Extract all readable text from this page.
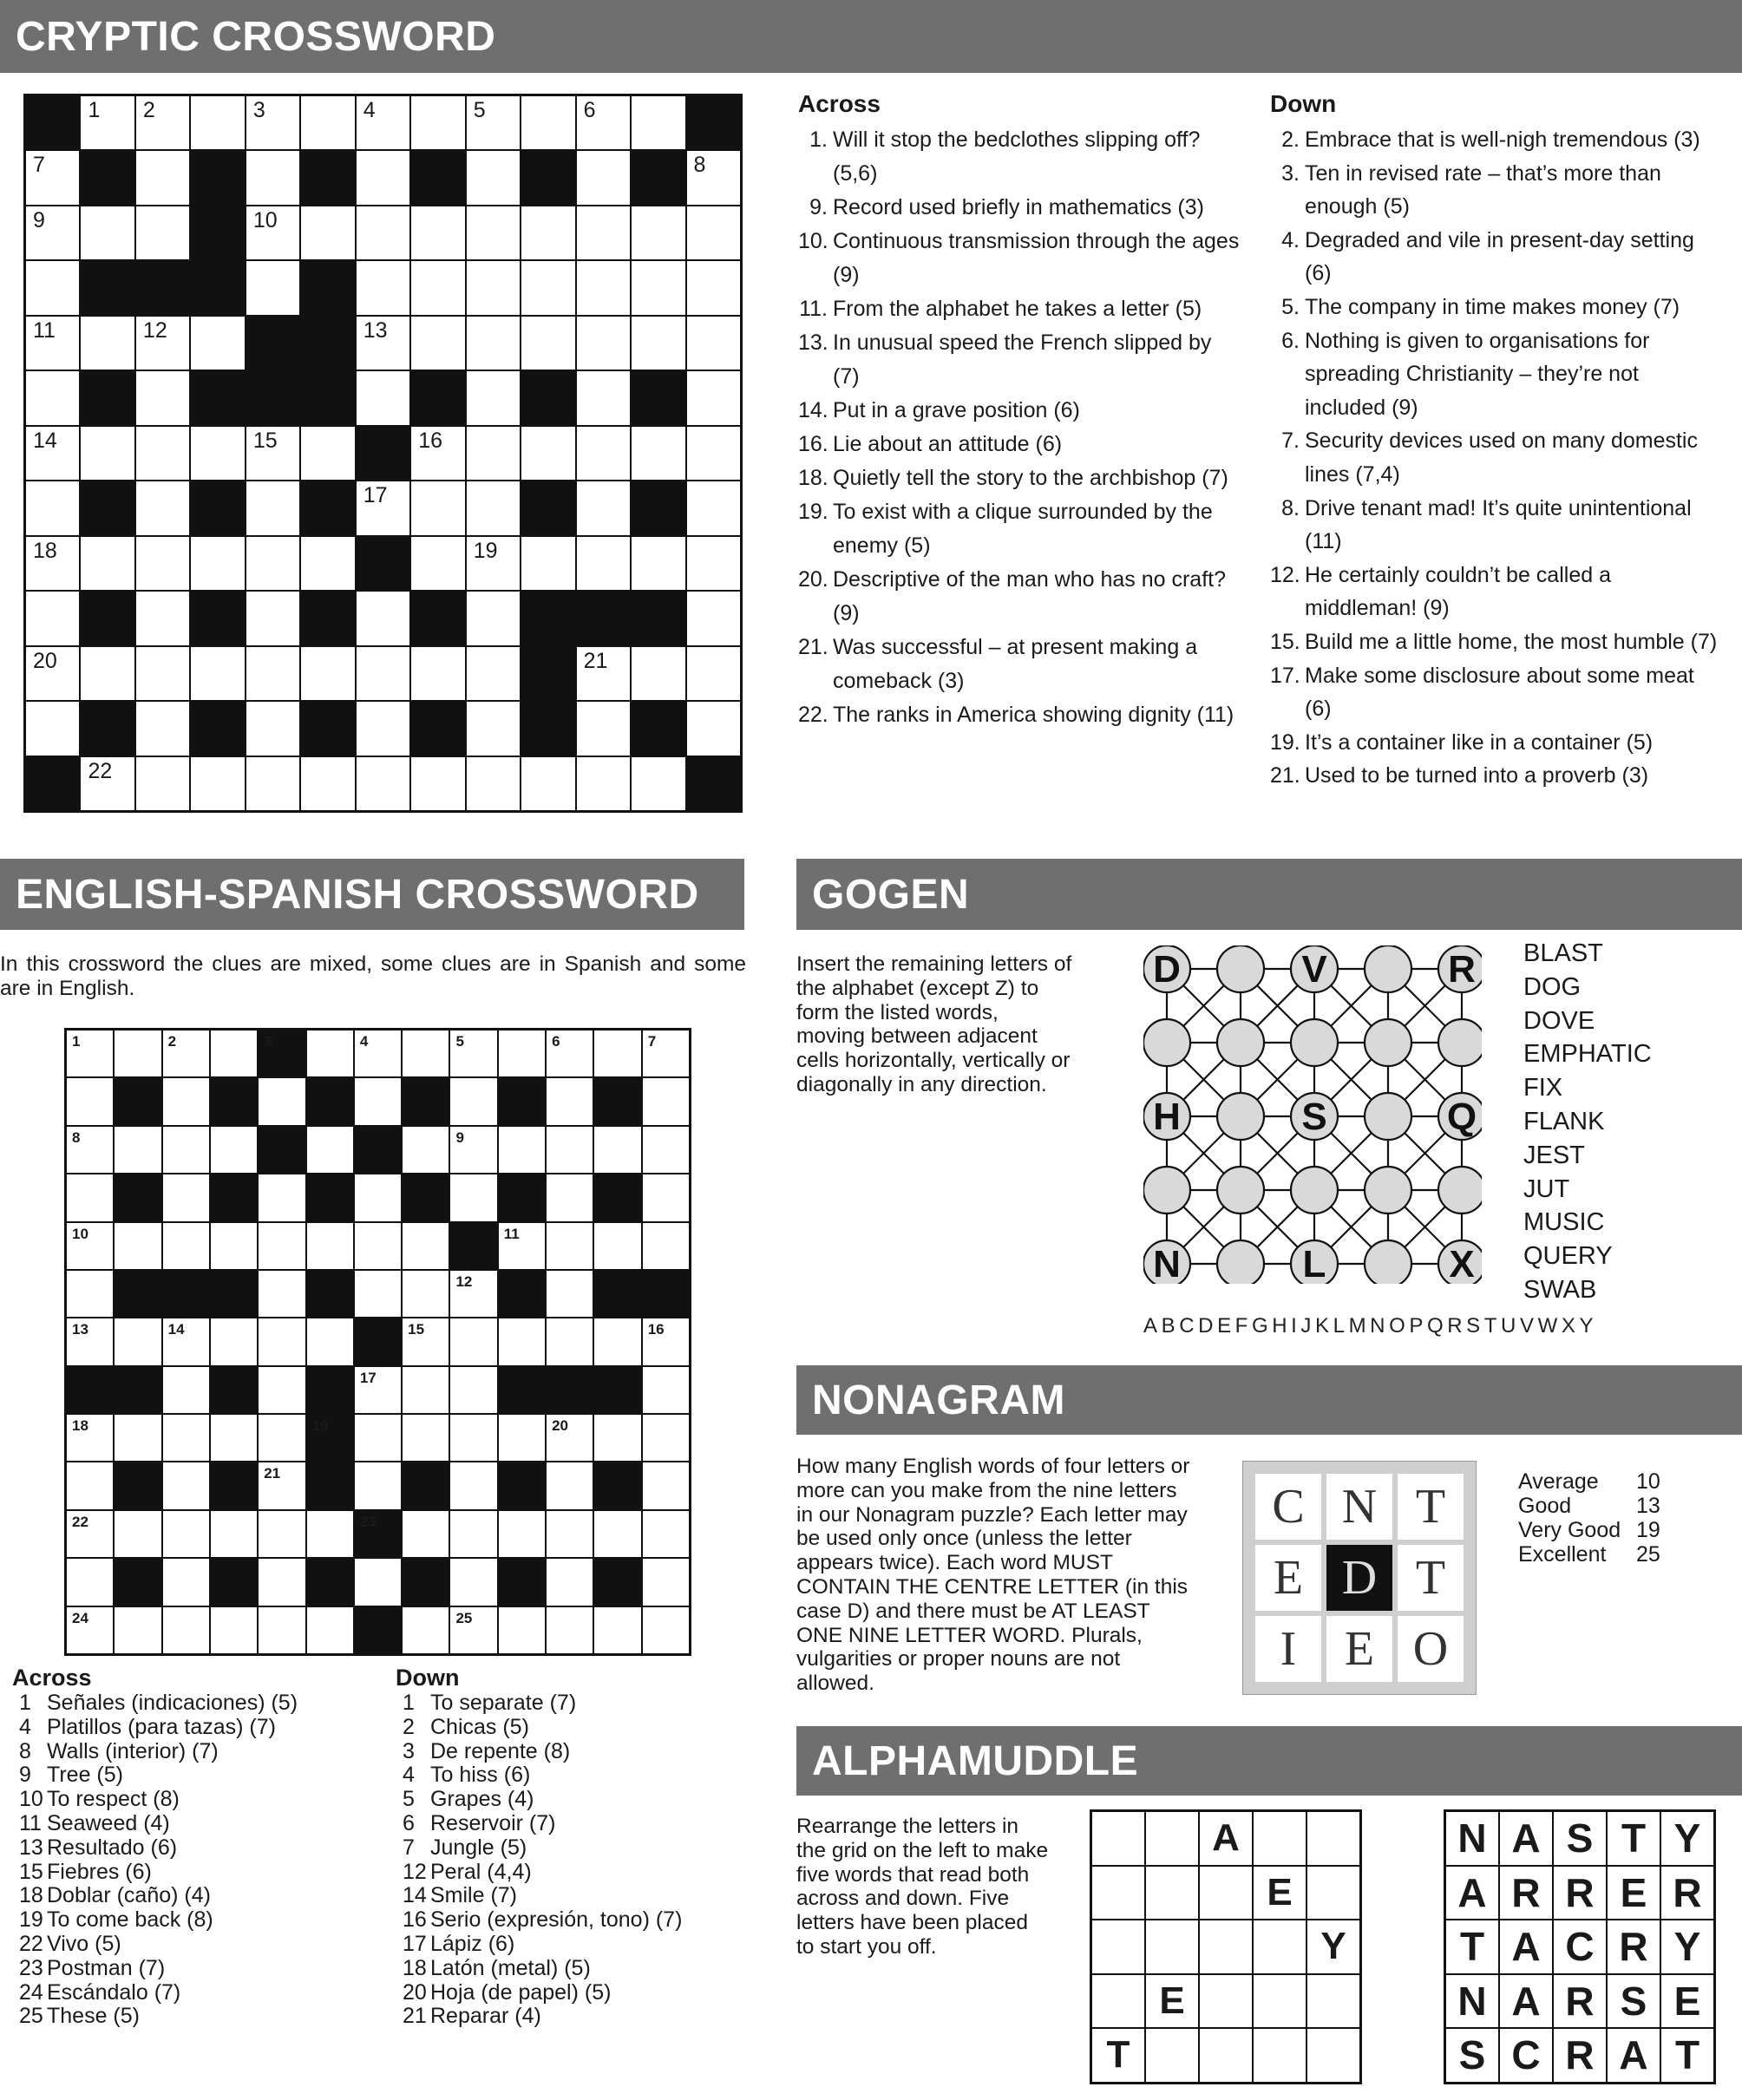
CRYPTIC CROSSWORD
ENGLISH-SPANISH CROSSWORD	GOGEN
NONAGRAM
ALPHAMUDDLE
1 2	3	4	5	6
7	8
9	10
11	12	13
14	15	16
17
18	19
20	21
22
Across
1. Will it stop the bedclothes slipping off? (5,6)
9. Record used briefly in mathematics (3)
10. Continuous transmission through the ages (9)
11. From the alphabet he takes a letter (5)
13. In unusual speed the French slipped by (7)
14. Put in a grave position (6)
16. Lie about an attitude (6)
18. Quietly tell the story to the archbishop (7)
19. To exist with a clique surrounded by the enemy (5)
20. Descriptive of the man who has no craft? (9)
21. Was successful – at present making a comeback (3)
22. The ranks in America showing dignity (11)
Down
2. Embrace that is well-nigh tremendous (3)
3. Ten in revised rate – that’s more than enough (5)
4. Degraded and vile in present-day setting (6)
5. The company in time makes money (7)
6. Nothing is given to organisations for spreading Christianity – they’re not included (9)
7. Security devices used on many domestic lines (7,4)
8. Drive tenant mad! It’s quite unintentional (11)
12. He certainly couldn’t be called a middleman! (9)
15. Build me a little home, the most humble (7)
17. Make some disclosure about some meat (6)
19. It’s a container like in a container (5)
21. Used to be turned into a proverb (3)
In this crossword the clues are mixed, some clues are in Spanish and some are in English.
1	2	3	4	5	6	7
8	9
10	11
12
13	14	15	16
17
18	19	20
21
22	23
24	25
Across
1 Señales (indicaciones) (5)
4 Platillos (para tazas) (7)
8 Walls (interior) (7)
9 Tree (5)
10 To respect (8)
11 Seaweed (4)
13 Resultado (6)
15 Fiebres (6)
18 Doblar (caño) (4)
19 To come back (8)
22 Vivo (5)
23 Postman (7)
24 Escándalo (7)
25 These (5)
Down
1 To separate (7)
2 Chicas (5)
3 De repente (8)
4 To hiss (6)
5 Grapes (4)
6 Reservoir (7)
7 Jungle (5)
12 Peral (4,4)
14 Smile (7)
16 Serio (expresión, tono) (7)
17 Lápiz (6)
18 Latón (metal) (5)
20 Hoja (de papel) (5)
21 Reparar (4)
Insert the remaining letters of the alphabet (except Z) to form the listed words, moving between adjacent cells horizontally, vertically or diagonally in any direction.
D	V	R
H	S	Q
N	L	X
BLAST
DOG
DOVE
EMPHATIC
FIX
FLANK
JEST
JUT
MUSIC
QUERY
SWAB
ABCDEFGHIJKLMNOPQRSTUVWXY
How many English words of four letters or more can you make from the nine letters in our Nonagram puzzle? Each letter may be used only once (unless the letter appears twice). Each word MUST CONTAIN THE CENTRE LETTER (in this case D) and there must be AT LEAST ONE NINE LETTER WORD. Plurals, vulgarities or proper nouns are not allowed.
C N T
E D T
I E O
Average	10
Good	13
Very Good 19
Excellent	25
Rearrange the letters in the grid on the left to make five words that read both across and down. Five letters have been placed to start you off.
A
E
Y
E
T
N A S T Y
A R R E R
T A C R Y
N A R S E
S C R A T
